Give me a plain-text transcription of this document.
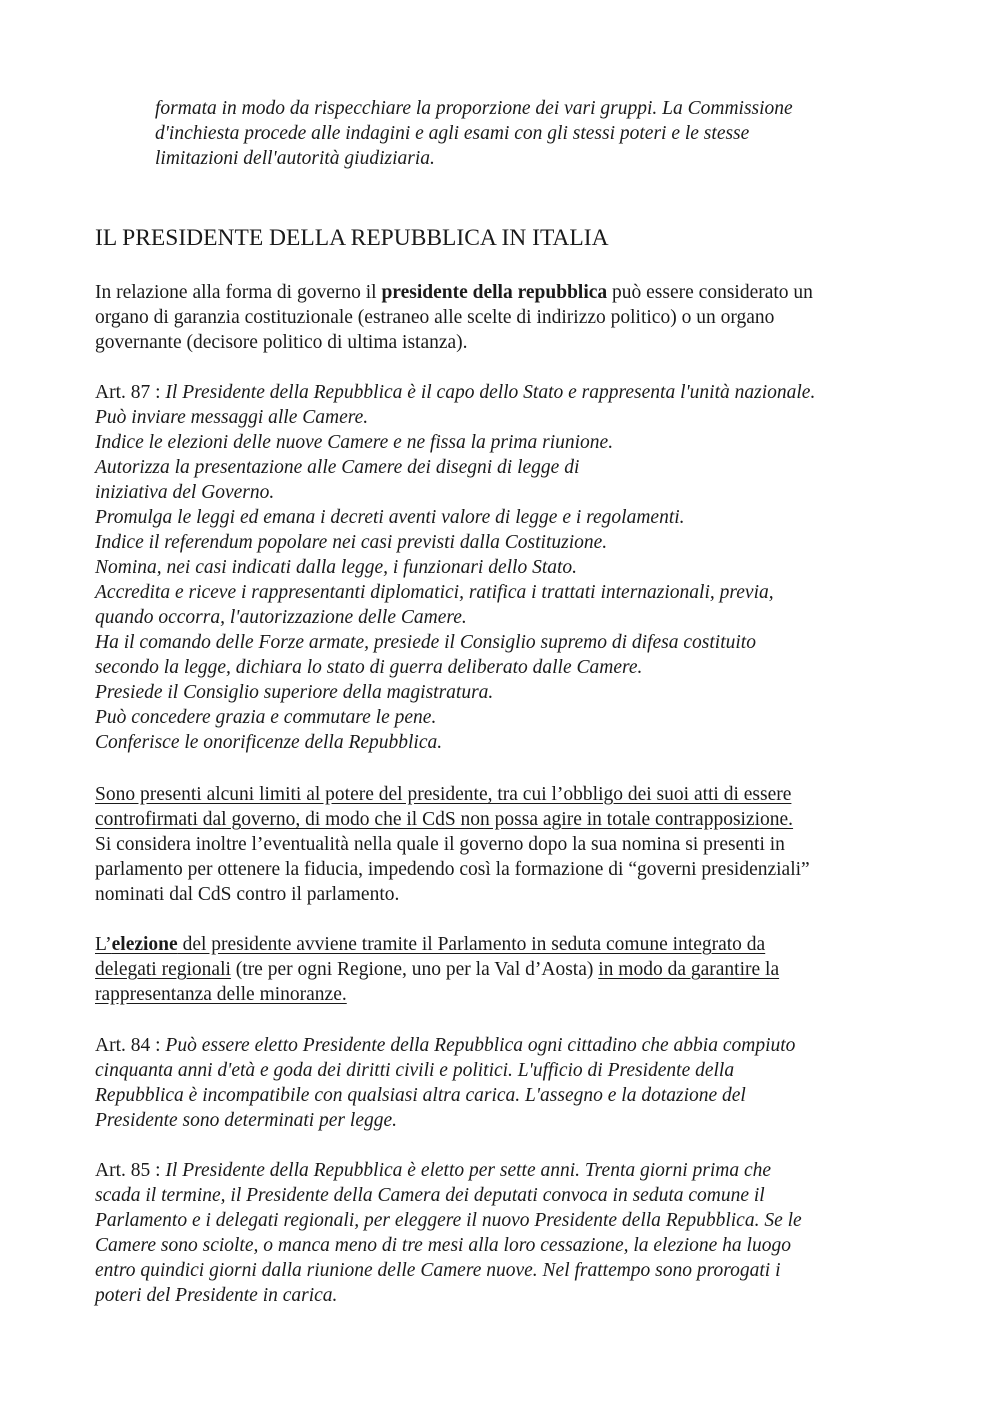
formata in modo da rispecchiare la proporzione dei vari gruppi. La Commissione
d'inchiesta procede alle indagini e agli esami con gli stessi poteri e le stesse
limitazioni dell'autorità giudiziaria.
IL PRESIDENTE DELLA REPUBBLICA IN ITALIA
In relazione alla forma di governo il presidente della repubblica può essere considerato un
organo di garanzia costituzionale (estraneo alle scelte di indirizzo politico) o un organo
governante (decisore politico di ultima istanza).
Art. 87 : Il Presidente della Repubblica è il capo dello Stato e rappresenta l'unità nazionale.
Può inviare messaggi alle Camere.
Indice le elezioni delle nuove Camere e ne fissa la prima riunione.
Autorizza la presentazione alle Camere dei disegni di legge di
iniziativa del Governo.
Promulga le leggi ed emana i decreti aventi valore di legge e i regolamenti.
Indice il referendum popolare nei casi previsti dalla Costituzione.
Nomina, nei casi indicati dalla legge, i funzionari dello Stato.
Accredita e riceve i rappresentanti diplomatici, ratifica i trattati internazionali, previa,
quando occorra, l'autorizzazione delle Camere.
Ha il comando delle Forze armate, presiede il Consiglio supremo di difesa costituito
secondo la legge, dichiara lo stato di guerra deliberato dalle Camere.
Presiede il Consiglio superiore della magistratura.
Può concedere grazia e commutare le pene.
Conferisce le onorificenze della Repubblica.
Sono presenti alcuni limiti al potere del presidente, tra cui l’obbligo dei suoi atti di essere
controfirmati dal governo, di modo che il CdS non possa agire in totale contrapposizione.
Si considera inoltre l’eventualità nella quale il governo dopo la sua nomina si presenti in
parlamento per ottenere la fiducia, impedendo così la formazione di “governi presidenziali”
nominati dal CdS contro il parlamento.
L’elezione del presidente avviene tramite il Parlamento in seduta comune integrato da
delegati regionali (tre per ogni Regione, uno per la Val d’Aosta) in modo da garantire la
rappresentanza delle minoranze.
Art. 84 : Può essere eletto Presidente della Repubblica ogni cittadino che abbia compiuto
cinquanta anni d'età e goda dei diritti civili e politici. L'ufficio di Presidente della
Repubblica è incompatibile con qualsiasi altra carica. L'assegno e la dotazione del
Presidente sono determinati per legge.
Art. 85 : Il Presidente della Repubblica è eletto per sette anni. Trenta giorni prima che
scada il termine, il Presidente della Camera dei deputati convoca in seduta comune il
Parlamento e i delegati regionali, per eleggere il nuovo Presidente della Repubblica. Se le
Camere sono sciolte, o manca meno di tre mesi alla loro cessazione, la elezione ha luogo
entro quindici giorni dalla riunione delle Camere nuove. Nel frattempo sono prorogati i
poteri del Presidente in carica.
